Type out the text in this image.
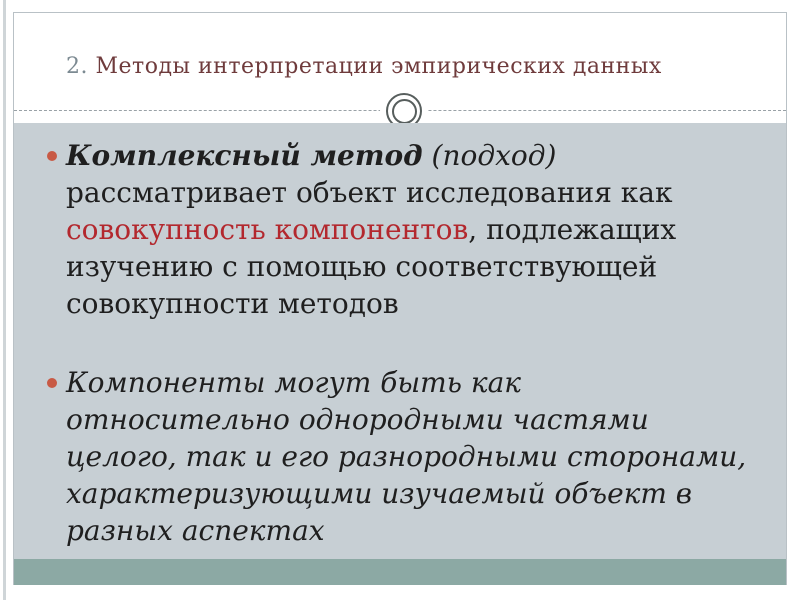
2. Методы интерпретации эмпирических данных
Комплексный метод (подход)
рассматривает объект исследования как
совокупность компонентов, подлежащих
изучению с помощью соответствующей
совокупности методов
Компоненты могут быть как
относительно однородными частями
целого, так и его разнородными сторонами,
характеризующими изучаемый объект в
разных аспектах
